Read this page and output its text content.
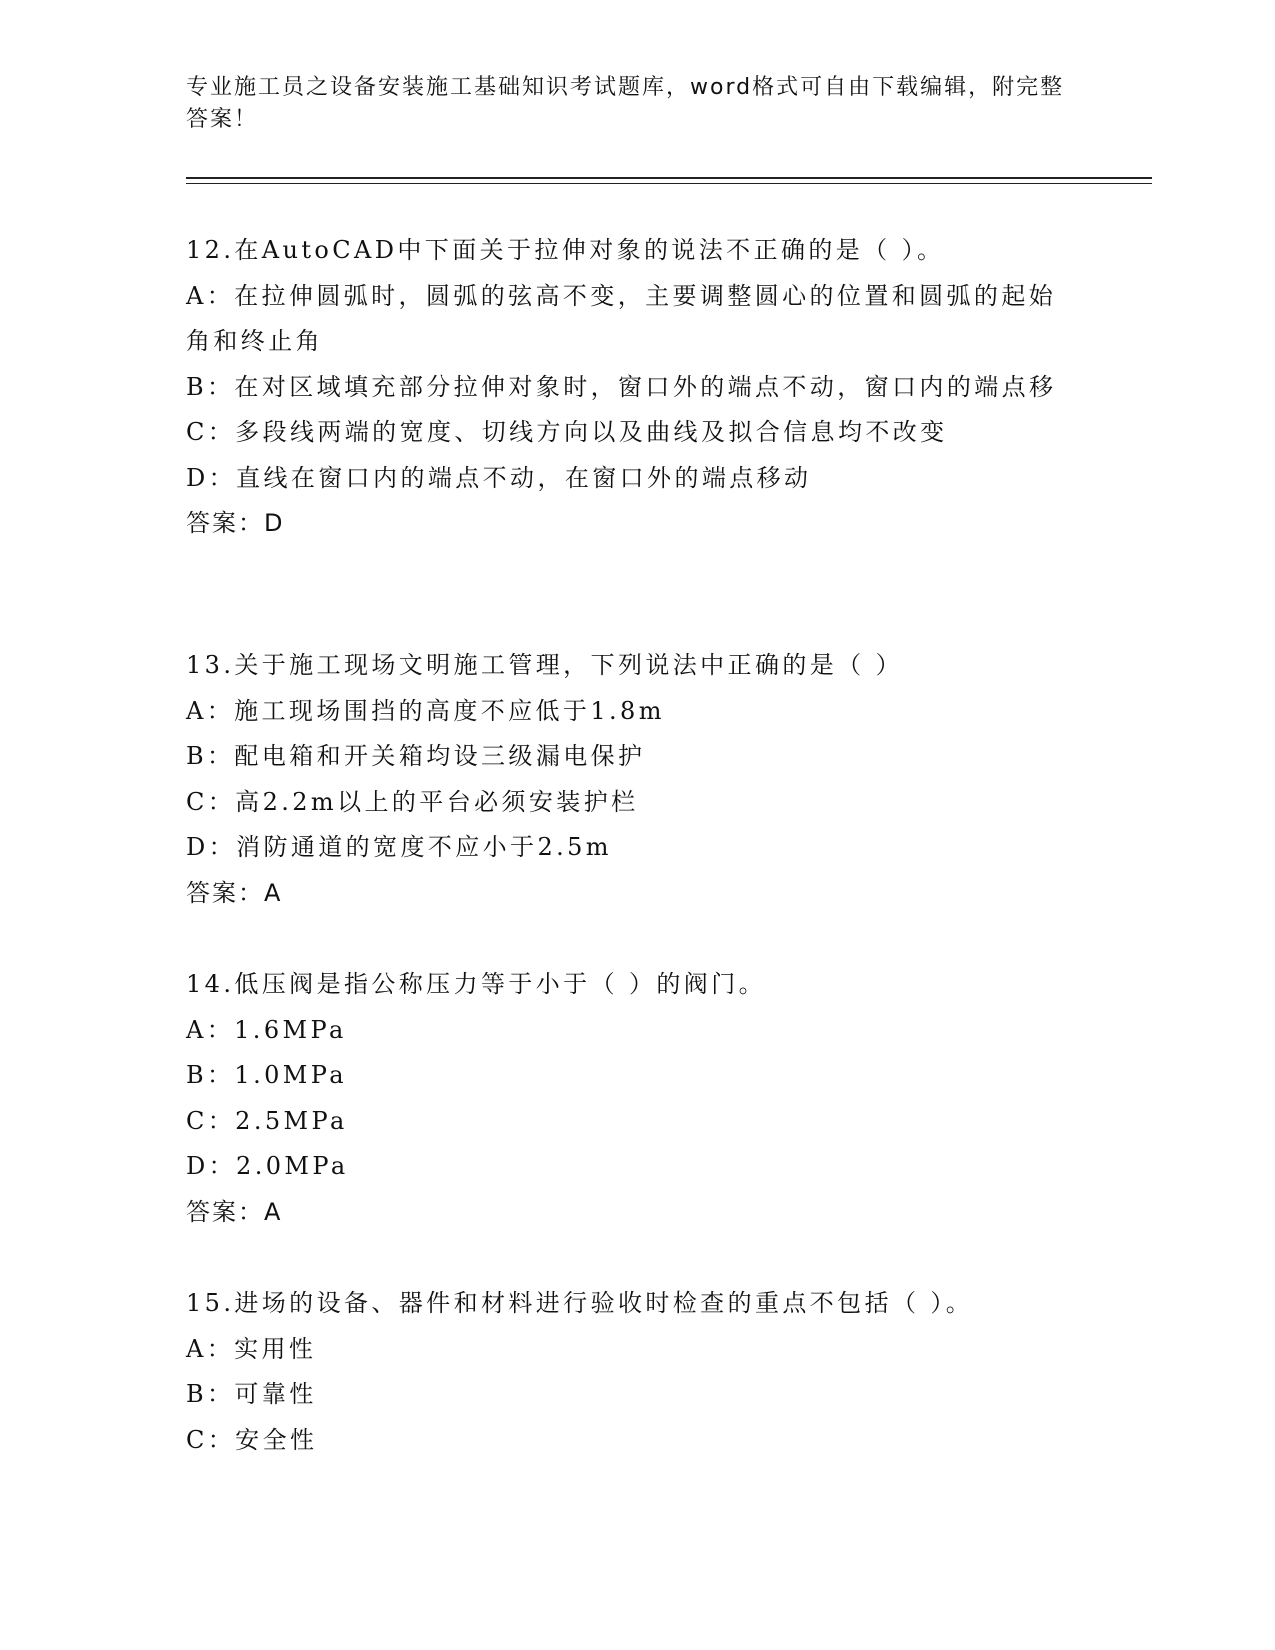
专业施工员之设备安装施工基础知识考试题库，word格式可自由下载编辑，附完整答案！
12.在AutoCAD中下面关于拉伸对象的说法不正确的是（ ）。
A：在拉伸圆弧时，圆弧的弦高不变，主要调整圆心的位置和圆弧的起始角和终止角
B：在对区域填充部分拉伸对象时，窗口外的端点不动，窗口内的端点移
C：多段线两端的宽度、切线方向以及曲线及拟合信息均不改变
D：直线在窗口内的端点不动，在窗口外的端点移动
答案：D
13.关于施工现场文明施工管理，下列说法中正确的是（ ）
A：施工现场围挡的高度不应低于1.8m
B：配电箱和开关箱均设三级漏电保护
C：高2.2m以上的平台必须安装护栏
D：消防通道的宽度不应小于2.5m
答案：A
14.低压阀是指公称压力等于小于（ ）的阀门。
A：1.6MPa
B：1.0MPa
C：2.5MPa
D：2.0MPa
答案：A
15.进场的设备、器件和材料进行验收时检查的重点不包括（ ）。
A：实用性
B：可靠性
C：安全性
